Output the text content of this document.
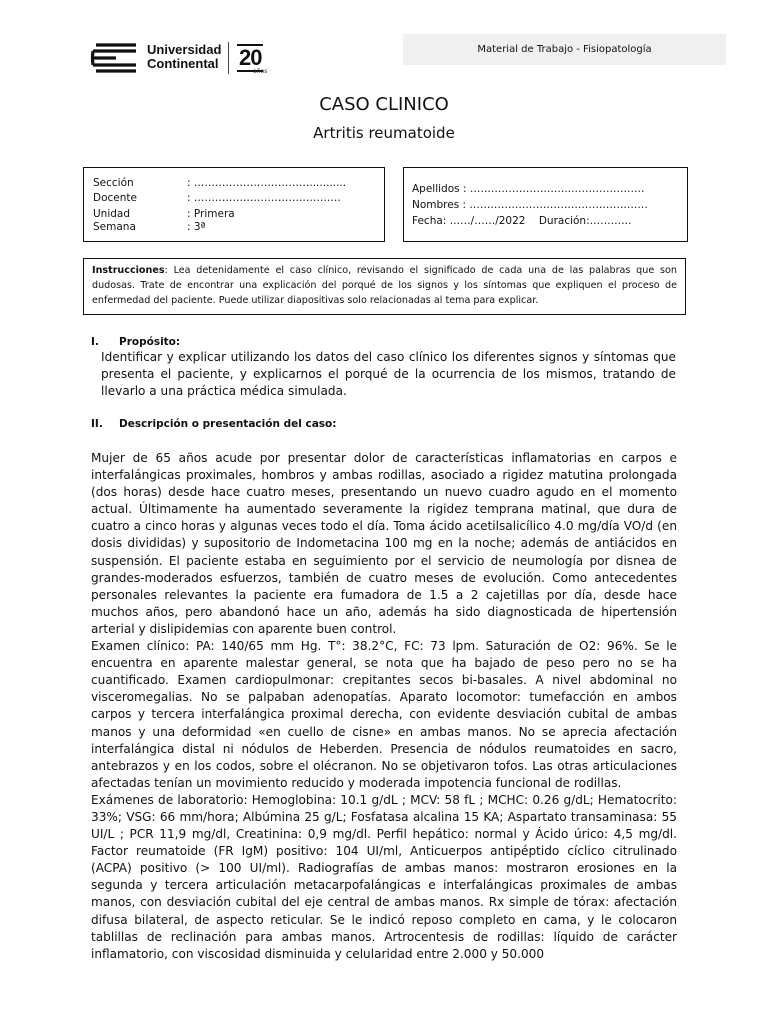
Universidad
Continental 20
años
Material de Trabajo - Fisiopatología
CASO CLINICO
Artritis reumatoide
Sección	: ……………………………...........
Docente	: ……………………………………
Unidad	: Primera
Semana	: 3ª
Apellidos : ………………………..…………………
Nombres : ……………………………………………
Fecha: ……/……/2022 Duración:…………
Instrucciones: Lea detenidamente el caso clínico, revisando el significado de cada una de las palabras que son dudosas. Trate de encontrar una explicación del porqué de los signos y los síntomas que expliquen el proceso de enfermedad del paciente. Puede utilizar diapositivas solo relacionadas al tema para explicar.
I. Propósito:
Identificar y explicar utilizando los datos del caso clínico los diferentes signos y síntomas que presenta el paciente, y explicarnos el porqué de la ocurrencia de los mismos, tratando de llevarlo a una práctica médica simulada.
II. Descripción o presentación del caso:
Mujer de 65 años acude por presentar dolor de características inflamatorias en carpos e interfalángicas proximales, hombros y ambas rodillas, asociado a rigidez matutina prolongada (dos horas) desde hace cuatro meses, presentando un nuevo cuadro agudo en el momento actual. Últimamente ha aumentado severamente la rigidez temprana matinal, que dura de cuatro a cinco horas y algunas veces todo el día. Toma ácido acetilsalicílico 4.0 mg/día VO/d (en dosis divididas) y supositorio de Indometacina 100 mg en la noche; además de antiácidos en suspensión. El paciente estaba en seguimiento por el servicio de neumología por disnea de grandes-moderados esfuerzos, también de cuatro meses de evolución. Como antecedentes personales relevantes la paciente era fumadora de 1.5 a 2 cajetillas por día, desde hace muchos años, pero abandonó hace un año, además ha sido diagnosticada de hipertensión arterial y dislipidemias con aparente buen control.
Examen clínico: PA: 140/65 mm Hg. T°: 38.2°C, FC: 73 lpm. Saturación de O2: 96%. Se le encuentra en aparente malestar general, se nota que ha bajado de peso pero no se ha cuantificado. Examen cardiopulmonar: crepitantes secos bi-basales. A nivel abdominal no visceromegalias. No se palpaban adenopatías. Aparato locomotor: tumefacción en ambos carpos y tercera interfalángica proximal derecha, con evidente desviación cubital de ambas manos y una deformidad «en cuello de cisne» en ambas manos. No se aprecia afectación interfalángica distal ni nódulos de Heberden. Presencia de nódulos reumatoides en sacro, antebrazos y en los codos, sobre el olécranon. No se objetivaron tofos. Las otras articulaciones afectadas tenían un movimiento reducido y moderada impotencia funcional de rodillas.
Exámenes de laboratorio: Hemoglobina: 10.1 g/dL ; MCV: 58 fL ; MCHC: 0.26 g/dL; Hematocrito: 33%; VSG: 66 mm/hora; Albúmina 25 g/L; Fosfatasa alcalina 15 KA; Aspartato transaminasa: 55 UI/L ; PCR 11,9 mg/dl, Creatinina: 0,9 mg/dl. Perfil hepático: normal y Ácido úrico: 4,5 mg/dl. Factor reumatoide (FR IgM) positivo: 104 UI/ml, Anticuerpos antipéptido cíclico citrulinado (ACPA) positivo (> 100 UI/ml). Radiografías de ambas manos: mostraron erosiones en la segunda y tercera articulación metacarpofalángicas e interfalángicas proximales de ambas manos, con desviación cubital del eje central de ambas manos. Rx simple de tórax: afectación difusa bilateral, de aspecto reticular. Se le indicó reposo completo en cama, y le colocaron tablillas de reclinación para ambas manos. Artrocentesis de rodillas: líquido de carácter inflamatorio, con viscosidad disminuida y celularidad entre 2.000 y 50.000
